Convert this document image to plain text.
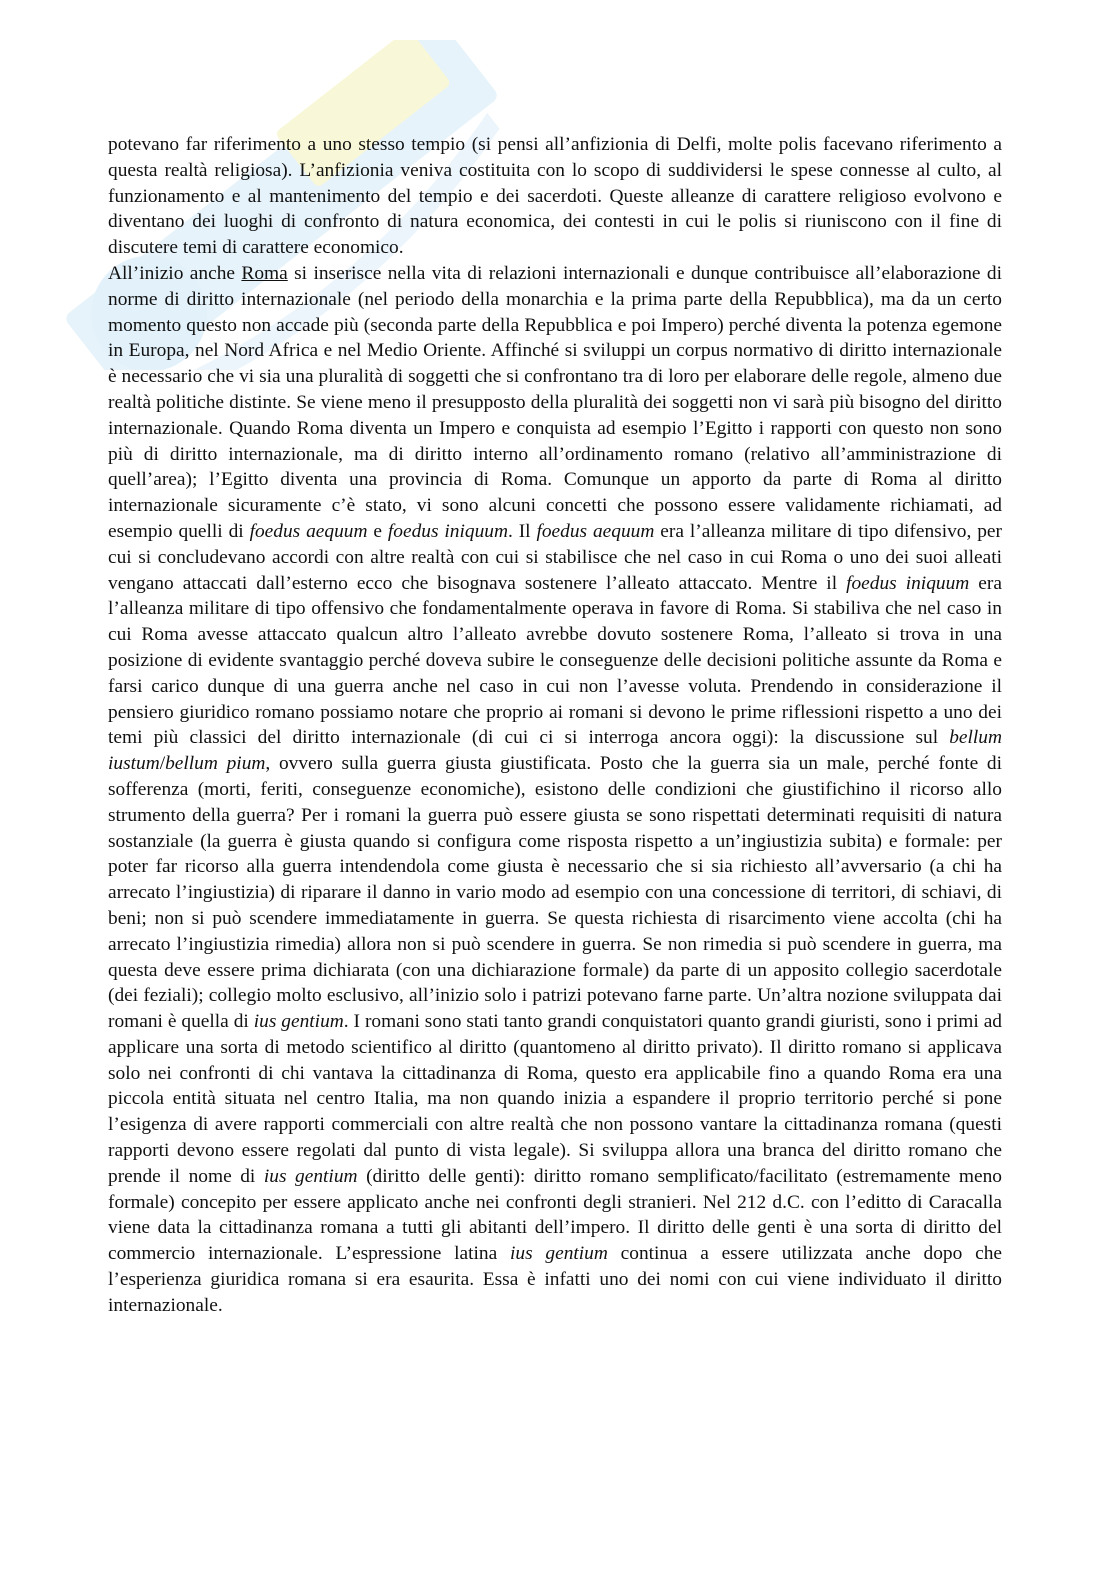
potevano far riferimento a uno stesso tempio (si pensi all’anfizionia di Delfi, molte polis facevano riferimento a questa realtà religiosa). L’anfizionia veniva costituita con lo scopo di suddividersi le spese connesse al culto, al funzionamento e al mantenimento del tempio e dei sacerdoti. Queste alleanze di carattere religioso evolvono e diventano dei luoghi di confronto di natura economica, dei contesti in cui le polis si riuniscono con il fine di discutere temi di carattere economico.

All’inizio anche Roma si inserisce nella vita di relazioni internazionali e dunque contribuisce all’elaborazione di norme di diritto internazionale (nel periodo della monarchia e la prima parte della Repubblica), ma da un certo momento questo non accade più (seconda parte della Repubblica e poi Impero) perché diventa la potenza egemone in Europa, nel Nord Africa e nel Medio Oriente. Affinché si sviluppi un corpus normativo di diritto internazionale è necessario che vi sia una pluralità di soggetti che si confrontano tra di loro per elaborare delle regole, almeno due realtà politiche distinte. Se viene meno il presupposto della pluralità dei soggetti non vi sarà più bisogno del diritto internazionale. Quando Roma diventa un Impero e conquista ad esempio l’Egitto i rapporti con questo non sono più di diritto internazionale, ma di diritto interno all’ordinamento romano (relativo all’amministrazione di quell’area); l’Egitto diventa una provincia di Roma. Comunque un apporto da parte di Roma al diritto internazionale sicuramente c’è stato, vi sono alcuni concetti che possono essere validamente richiamati, ad esempio quelli di foedus aequum e foedus iniquum. Il foedus aequum era l’alleanza militare di tipo difensivo, per cui si concludevano accordi con altre realtà con cui si stabilisce che nel caso in cui Roma o uno dei suoi alleati vengano attaccati dall’esterno ecco che bisognava sostenere l’alleato attaccato. Mentre il foedus iniquum era l’alleanza militare di tipo offensivo che fondamentalmente operava in favore di Roma. Si stabiliva che nel caso in cui Roma avesse attaccato qualcun altro l’alleato avrebbe dovuto sostenere Roma, l’alleato si trova in una posizione di evidente svantaggio perché doveva subire le conseguenze delle decisioni politiche assunte da Roma e farsi carico dunque di una guerra anche nel caso in cui non l’avesse voluta. Prendendo in considerazione il pensiero giuridico romano possiamo notare che proprio ai romani si devono le prime riflessioni rispetto a uno dei temi più classici del diritto internazionale (di cui ci si interroga ancora oggi): la discussione sul bellum iustum/bellum pium, ovvero sulla guerra giusta giustificata. Posto che la guerra sia un male, perché fonte di sofferenza (morti, feriti, conseguenze economiche), esistono delle condizioni che giustifichino il ricorso allo strumento della guerra? Per i romani la guerra può essere giusta se sono rispettati determinati requisiti di natura sostanziale (la guerra è giusta quando si configura come risposta rispetto a un’ingiustizia subita) e formale: per poter far ricorso alla guerra intendendola come giusta è necessario che si sia richiesto all’avversario (a chi ha arrecato l’ingiustizia) di riparare il danno in vario modo ad esempio con una concessione di territori, di schiavi, di beni; non si può scendere immediatamente in guerra. Se questa richiesta di risarcimento viene accolta (chi ha arrecato l’ingiustizia rimedia) allora non si può scendere in guerra. Se non rimedia si può scendere in guerra, ma questa deve essere prima dichiarata (con una dichiarazione formale) da parte di un apposito collegio sacerdotale (dei feziali); collegio molto esclusivo, all’inizio solo i patrizi potevano farne parte. Un’altra nozione sviluppata dai romani è quella di ius gentium. I romani sono stati tanto grandi conquistatori quanto grandi giuristi, sono i primi ad applicare una sorta di metodo scientifico al diritto (quantomeno al diritto privato). Il diritto romano si applicava solo nei confronti di chi vantava la cittadinanza di Roma, questo era applicabile fino a quando Roma era una piccola entità situata nel centro Italia, ma non quando inizia a espandere il proprio territorio perché si pone l’esigenza di avere rapporti commerciali con altre realtà che non possono vantare la cittadinanza romana (questi rapporti devono essere regolati dal punto di vista legale). Si sviluppa allora una branca del diritto romano che prende il nome di ius gentium (diritto delle genti): diritto romano semplificato/facilitato (estremamente meno formale) concepito per essere applicato anche nei confronti degli stranieri. Nel 212 d.C. con l’editto di Caracalla viene data la cittadinanza romana a tutti gli abitanti dell’impero. Il diritto delle genti è una sorta di diritto del commercio internazionale. L’espressione latina ius gentium continua a essere utilizzata anche dopo che l’esperienza giuridica romana si era esaurita. Essa è infatti uno dei nomi con cui viene individuato il diritto internazionale.
